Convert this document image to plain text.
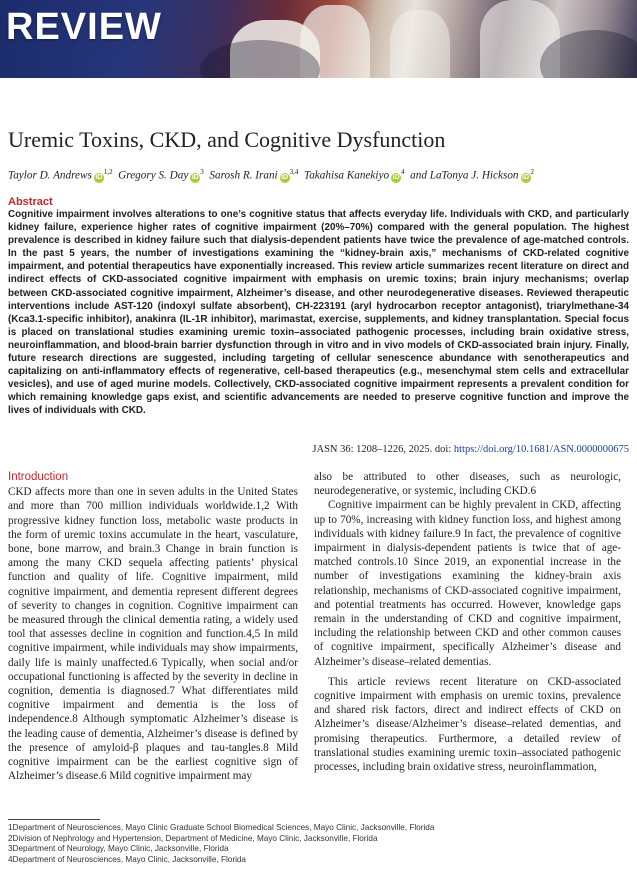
REVIEW
Uremic Toxins, CKD, and Cognitive Dysfunction
Taylor D. Andrews iD$^{1,2}$ Gregory S. Day iD$^3$ Sarosh R. Irani iD$^{3,4}$ Takahisa Kanekiyo iD$^4$ and LaTonya J. Hickson iD$^2$
Abstract
Cognitive impairment involves alterations to one’s cognitive status that affects everyday life. Individuals with CKD, and particularly kidney failure, experience higher rates of cognitive impairment (20%–70%) compared with the general population. The highest prevalence is described in kidney failure such that dialysis-dependent patients have twice the prevalence of age-matched controls. In the past 5 years, the number of investigations examining the “kidney-brain axis,” mechanisms of CKD-related cognitive impairment, and potential therapeutics have exponentially increased. This review article summarizes recent literature on direct and indirect effects of CKD-associated cognitive impairment with emphasis on uremic toxins; brain injury mechanisms; overlap between CKD-associated cognitive impairment, Alzheimer’s disease, and other neurodegenerative diseases. Reviewed therapeutic interventions include AST-120 (indoxyl sulfate absorbent), CH-223191 (aryl hydrocarbon receptor antagonist), triarylmethane-34 (Kca3.1-specific inhibitor), anakinra (IL-1R inhibitor), marimastat, exercise, supplements, and kidney transplantation. Special focus is placed on translational studies examining uremic toxin–associated pathogenic processes, including brain oxidative stress, neuroinflammation, and blood-brain barrier dysfunction through in vitro and in vivo models of CKD-associated brain injury. Finally, future research directions are suggested, including targeting of cellular senescence abundance with senotherapeutics and capitalizing on anti-inflammatory effects of regenerative, cell-based therapeutics (e.g., mesenchymal stem cells and extracellular vesicles), and use of aged murine models. Collectively, CKD-associated cognitive impairment represents a prevalent condition for which remaining knowledge gaps exist, and scientific advancements are needed to preserve cognitive function and improve the lives of individuals with CKD.
JASN 36: 1208–1226, 2025. doi: https://doi.org/10.1681/ASN.0000000675
Introduction

CKD affects more than one in seven adults in the United States and more than 700 million individuals worldwide.1,2 With progressive kidney function loss, metabolic waste products in the form of uremic toxins accumulate in the heart, vasculature, bone, bone marrow, and brain.3 Change in brain function is among the many CKD sequela affecting patients’ physical function and quality of life. Cognitive impairment, mild cognitive impairment, and dementia represent different degrees of severity to changes in cognition. Cognitive impairment can be measured through the clinical dementia rating, a widely used tool that assesses decline in cognition and function.4,5 In mild cognitive impairment, while individuals may show impairments, daily life is mainly unaffected.6 Typically, when social and/or occupational functioning is affected by the severity in decline in cognition, dementia is diagnosed.7 What differentiates mild cognitive impairment and dementia is the loss of independence.8 Although symptomatic Alzheimer’s disease is the leading cause of dementia, Alzheimer’s disease is defined by the presence of amyloid-β plaques and tau-tangles.8 Mild cognitive impairment can be the earliest cognitive sign of Alzheimer’s disease.6 Mild cognitive impairment may

also be attributed to other diseases, such as neurologic, neurodegenerative, or systemic, including CKD.6

Cognitive impairment can be highly prevalent in CKD, affecting up to 70%, increasing with kidney function loss, and highest among individuals with kidney failure.9 In fact, the prevalence of cognitive impairment in dialysis-dependent patients is twice that of age-matched controls.10 Since 2019, an exponential increase in the number of investigations examining the kidney-brain axis relationship, mechanisms of CKD-associated cognitive impairment, and potential treatments has occurred. However, knowledge gaps remain in the understanding of CKD and cognitive impairment, including the relationship between CKD and other common causes of cognitive impairment, specifically Alzheimer’s disease and Alzheimer’s disease–related dementias.

This article reviews recent literature on CKD-associated cognitive impairment with emphasis on uremic toxins, prevalence and shared risk factors, direct and indirect effects of CKD on Alzheimer’s disease/Alzheimer’s disease–related dementias, and promising therapeutics. Furthermore, a detailed review of translational studies examining uremic toxin–associated pathogenic processes, including brain oxidative stress, neuroinflammation,

1Department of Neurosciences, Mayo Clinic Graduate School Biomedical Sciences, Mayo Clinic, Jacksonville, Florida
2Division of Nephrology and Hypertension, Department of Medicine, Mayo Clinic, Jacksonville, Florida
3Department of Neurology, Mayo Clinic, Jacksonville, Florida
4Department of Neurosciences, Mayo Clinic, Jacksonville, Florida
